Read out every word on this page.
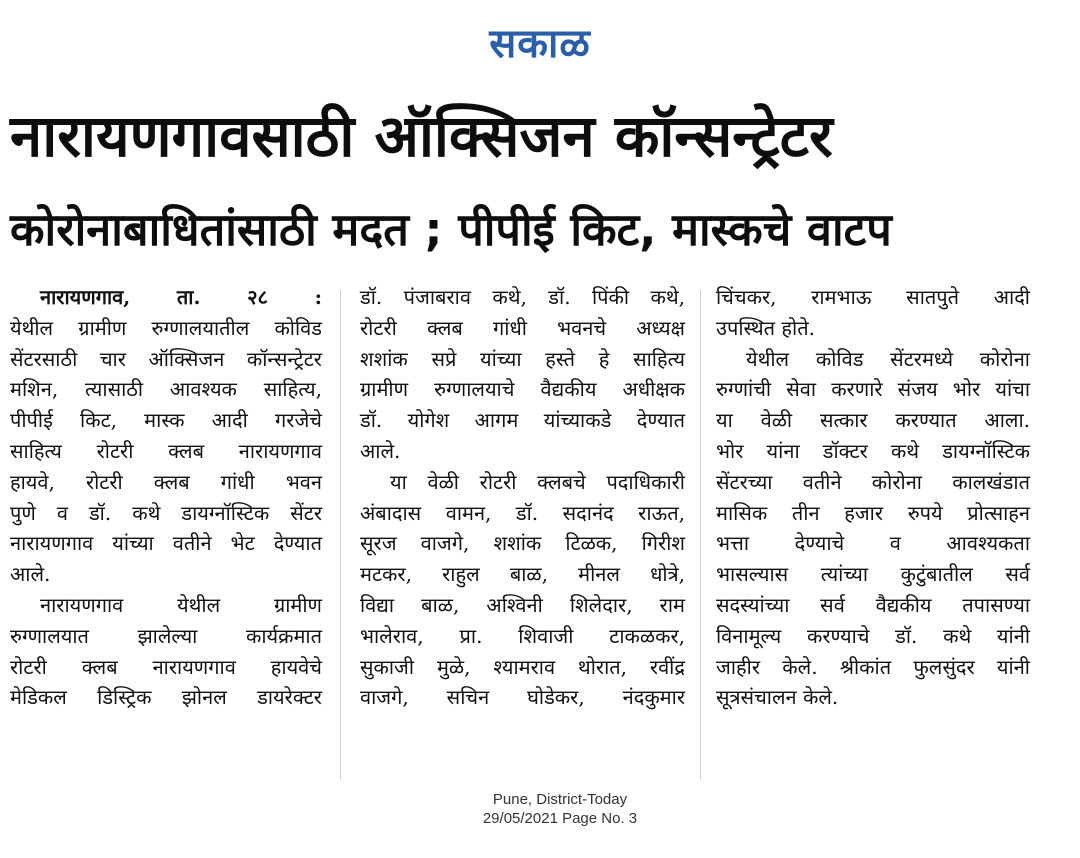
सकाळ
नारायणगावसाठी ऑक्सिजन कॉन्सन्ट्रेटर
कोरोनाबाधितांसाठी मदत ; पीपीई किट, मास्कचे वाटप

नारायणगाव, ता. २८ :

येथील ग्रामीण रुग्णालयातील कोविड

सेंटरसाठी चार ऑक्सिजन कॉन्सन्ट्रेटर

मशिन, त्यासाठी आवश्यक साहित्य,

पीपीई किट, मास्क आदी गरजेचे

साहित्य रोटरी क्लब नारायणगाव

हायवे, रोटरी क्लब गांधी भवन

पुणे व डॉ. कथे डायग्नॉस्टिक सेंटर

नारायणगाव यांच्या वतीने भेट देण्यात

आले.

नारायणगाव येथील ग्रामीण

रुग्णालयात झालेल्या कार्यक्रमात

रोटरी क्लब नारायणगाव हायवेचे

मेडिकल डिस्ट्रिक झोनल डायरेक्टर

डॉ. पंजाबराव कथे, डॉ. पिंकी कथे,

रोटरी क्लब गांधी भवनचे अध्यक्ष

शशांक सप्रे यांच्या हस्ते हे साहित्य

ग्रामीण रुग्णालयाचे वैद्यकीय अधीक्षक

डॉ. योगेश आगम यांच्याकडे देण्यात

आले.

या वेळी रोटरी क्लबचे पदाधिकारी

अंबादास वामन, डॉ. सदानंद राऊत,

सूरज वाजगे, शशांक टिळक, गिरीश

मटकर, राहुल बाळ, मीनल धोत्रे,

विद्या बाळ, अश्विनी शिलेदार, राम

भालेराव, प्रा. शिवाजी टाकळकर,

सुकाजी मुळे, श्यामराव थोरात, रवींद्र

वाजगे, सचिन घोडेकर, नंदकुमार

चिंचकर, रामभाऊ सातपुते आदी

उपस्थित होते.

येथील कोविड सेंटरमध्ये कोरोना

रुग्णांची सेवा करणारे संजय भोर यांचा

या वेळी सत्कार करण्यात आला.

भोर यांना डॉक्टर कथे डायग्नॉस्टिक

सेंटरच्या वतीने कोरोना कालखंडात

मासिक तीन हजार रुपये प्रोत्साहन

भत्ता देण्याचे व आवश्यकता

भासल्यास त्यांच्या कुटुंबातील सर्व

सदस्यांच्या सर्व वैद्यकीय तपासण्या

विनामूल्य करण्याचे डॉ. कथे यांनी

जाहीर केले. श्रीकांत फुलसुंदर यांनी

सूत्रसंचालन केले.

Pune, District-Today
29/05/2021 Page No. 3
